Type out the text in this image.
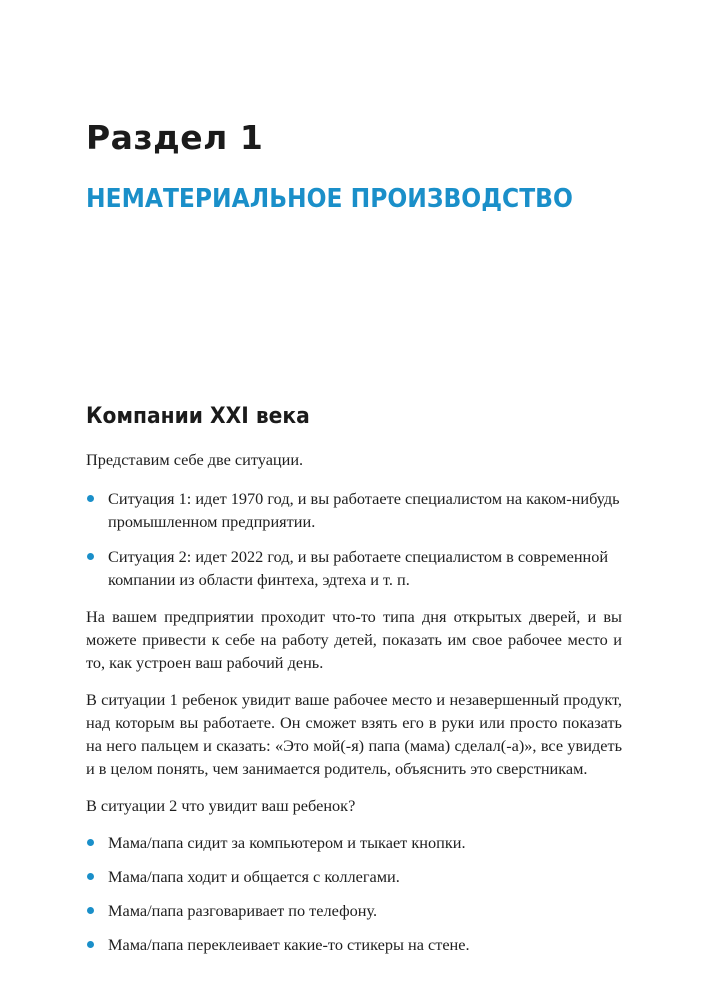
Раздел 1
НЕМАТЕРИАЛЬНОЕ ПРОИЗВОДСТВО
Компании XXI века

Представим себе две ситуации.

Ситуация 1: идет 1970 год, и вы работаете специалистом на каком-нибудь промышленном предприятии.
Ситуация 2: идет 2022 год, и вы работаете специалистом в современной компании из области финтеха, эдтеха и т. п.

На вашем предприятии проходит что-то типа дня открытых дверей, и вы можете привести к себе на работу детей, показать им свое рабочее место и то, как устроен ваш рабочий день.

В ситуации 1 ребенок увидит ваше рабочее место и незавершенный продукт, над которым вы работаете. Он сможет взять его в руки или просто показать на него пальцем и сказать: «Это мой(-я) папа (мама) сделал(-а)», все увидеть и в целом понять, чем занимается родитель, объяснить это сверстникам.

В ситуации 2 что увидит ваш ребенок?

Мама/папа сидит за компьютером и тыкает кнопки.
Мама/папа ходит и общается с коллегами.
Мама/папа разговаривает по телефону.
Мама/папа переклеивает какие-то стикеры на стене.
